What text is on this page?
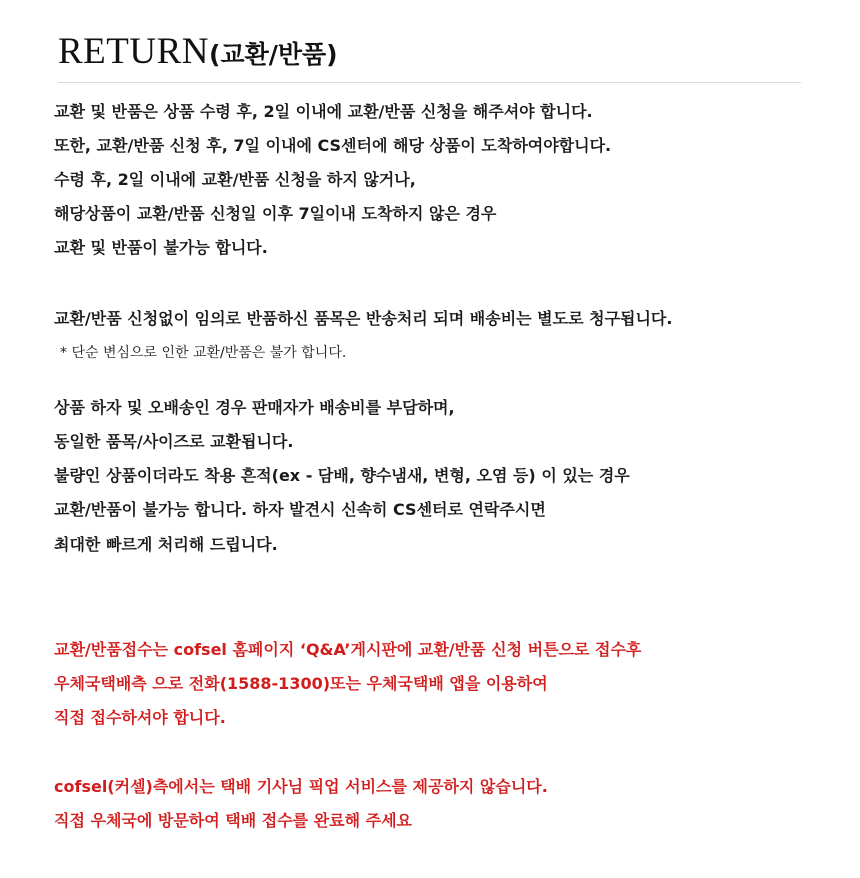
RETURN(교환/반품)
교환 및 반품은 상품 수령 후, 2일 이내에 교환/반품 신청을 해주셔야 합니다.
또한, 교환/반품 신청 후, 7일 이내에 CS센터에 해당 상품이 도착하여야합니다.
수령 후, 2일 이내에 교환/반품 신청을 하지 않거나,
해당상품이 교환/반품 신청일 이후 7일이내 도착하지 않은 경우
교환 및 반품이 불가능 합니다.
교환/반품 신청없이 임의로 반품하신 품목은 반송처리 되며 배송비는 별도로 청구됩니다.
* 단순 변심으로 인한 교환/반품은 불가 합니다.
상품 하자 및 오배송인 경우 판매자가 배송비를 부담하며,
동일한 품목/사이즈로 교환됩니다.
불량인 상품이더라도 착용 흔적(ex - 담배, 향수냄새, 변형, 오염 등) 이 있는 경우
교환/반품이 불가능 합니다. 하자 발견시 신속히 CS센터로 연락주시면
최대한 빠르게 처리해 드립니다.
교환/반품접수는 cofsel 홈페이지 ‘Q&A’게시판에 교환/반품 신청 버튼으로 접수후
우체국택배측 으로 전화(1588-1300)또는 우체국택배 앱을 이용하여
직접 접수하셔야 합니다.
cofsel(커셀)측에서는 택배 기사님 픽업 서비스를 제공하지 않습니다.
직접 우체국에 방문하여 택배 접수를 완료해 주세요
